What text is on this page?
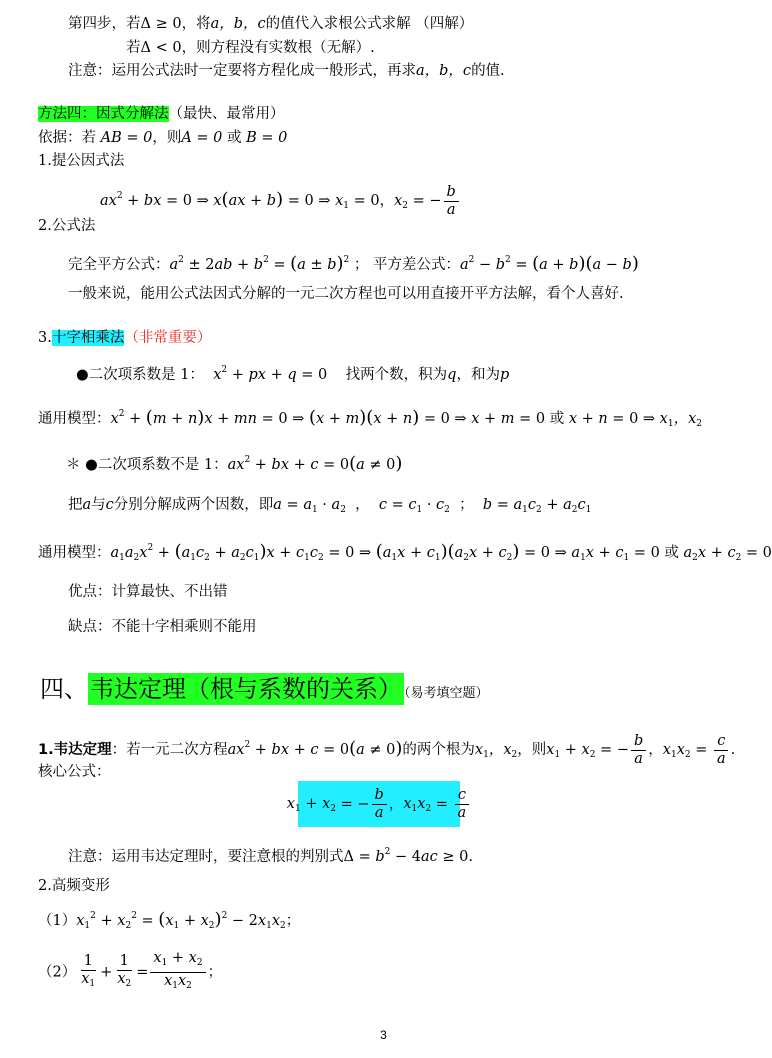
第四步，若Δ ≥ 0，将a，b，c的值代入求根公式求解 （四解）
若Δ < 0，则方程没有实数根（无解）.
注意：运用公式法时一定要将方程化成一般形式，再求a，b，c的值.
方法四：因式分解法（最快、最常用）
依据：若 AB = 0，则A = 0 或 B = 0
1.提公因式法
$ax^2$ + bx = 0 ⇒ x(ax + b) = 0 ⇒ $x_1 = 0$，$x_2$ = − $\frac{b}{a}$
2.公式法
完全平方公式：$a^2 \pm 2ab + b^2 = (a \pm b)^2$ ； 平方差公式：$a^2 - b^2 = (a + b)(a - b)$
一般来说，能用公式法因式分解的一元二次方程也可以用直接开平方法解，看个人喜好.
3.十字相乘法（非常重要）
●二次项系数是 1： $x^2$ + px + q = 0 找两个数，积为q，和为p
通用模型：$x^2 + (m + n)x$ + mn = 0 ⇒ (x + m)(x + n) = 0 ⇒ x + m = 0 或 x + n = 0 ⇒ $x_1$，$x_2$
＊ ●二次项系数不是 1：$ax^2$ + bx + c = 0(a ≠ 0)
把a与c分别分解成两个因数，即$a = a_1 \cdot a_2$  ，  $c = c_1 \cdot c_2$  ；  $b = a_1c_2 + a_2c_1$
通用模型：$a_1a_2x^2 + (a_1c_2 + a_2c_1)x + c_1c_2 = 0$ ⇒ $(a_1x + c_1)(a_2x + c_2) = 0$ ⇒ $a_1x + c_1 = 0$ 或 $a_2x + c_2 = 0$
优点：计算最快、不出错
缺点：不能十字相乘则不能用
四、韦达定理（根与系数的关系） （易考填空题）
1.韦达定理：若一元二次方程$ax^2$ + bx + c = 0(a ≠ 0)的两个根为$x_1$，$x_2$，则$x_1 + x_2$ = − $\frac{b}{a}$ ，$x_1x_2 = \frac{c}{a}$ .
核心公式：
$x_1 + x_2$ = − $\frac{b}{a}$ ，$x_1x_2 = \frac{c}{a}$
注意：运用韦达定理时，要注意根的判别式$\Delta = b^2 - 4ac \ge 0$.
2.高频变形
$(1)x_1^2 + x_2^2 = (x_1 + x_2)^2 - 2x_1x_2$；
$(2) \frac{1}{x_1} + \frac{1}{x_2} = \frac{x_1 + x_2}{x_1x_2}$ ；
3
